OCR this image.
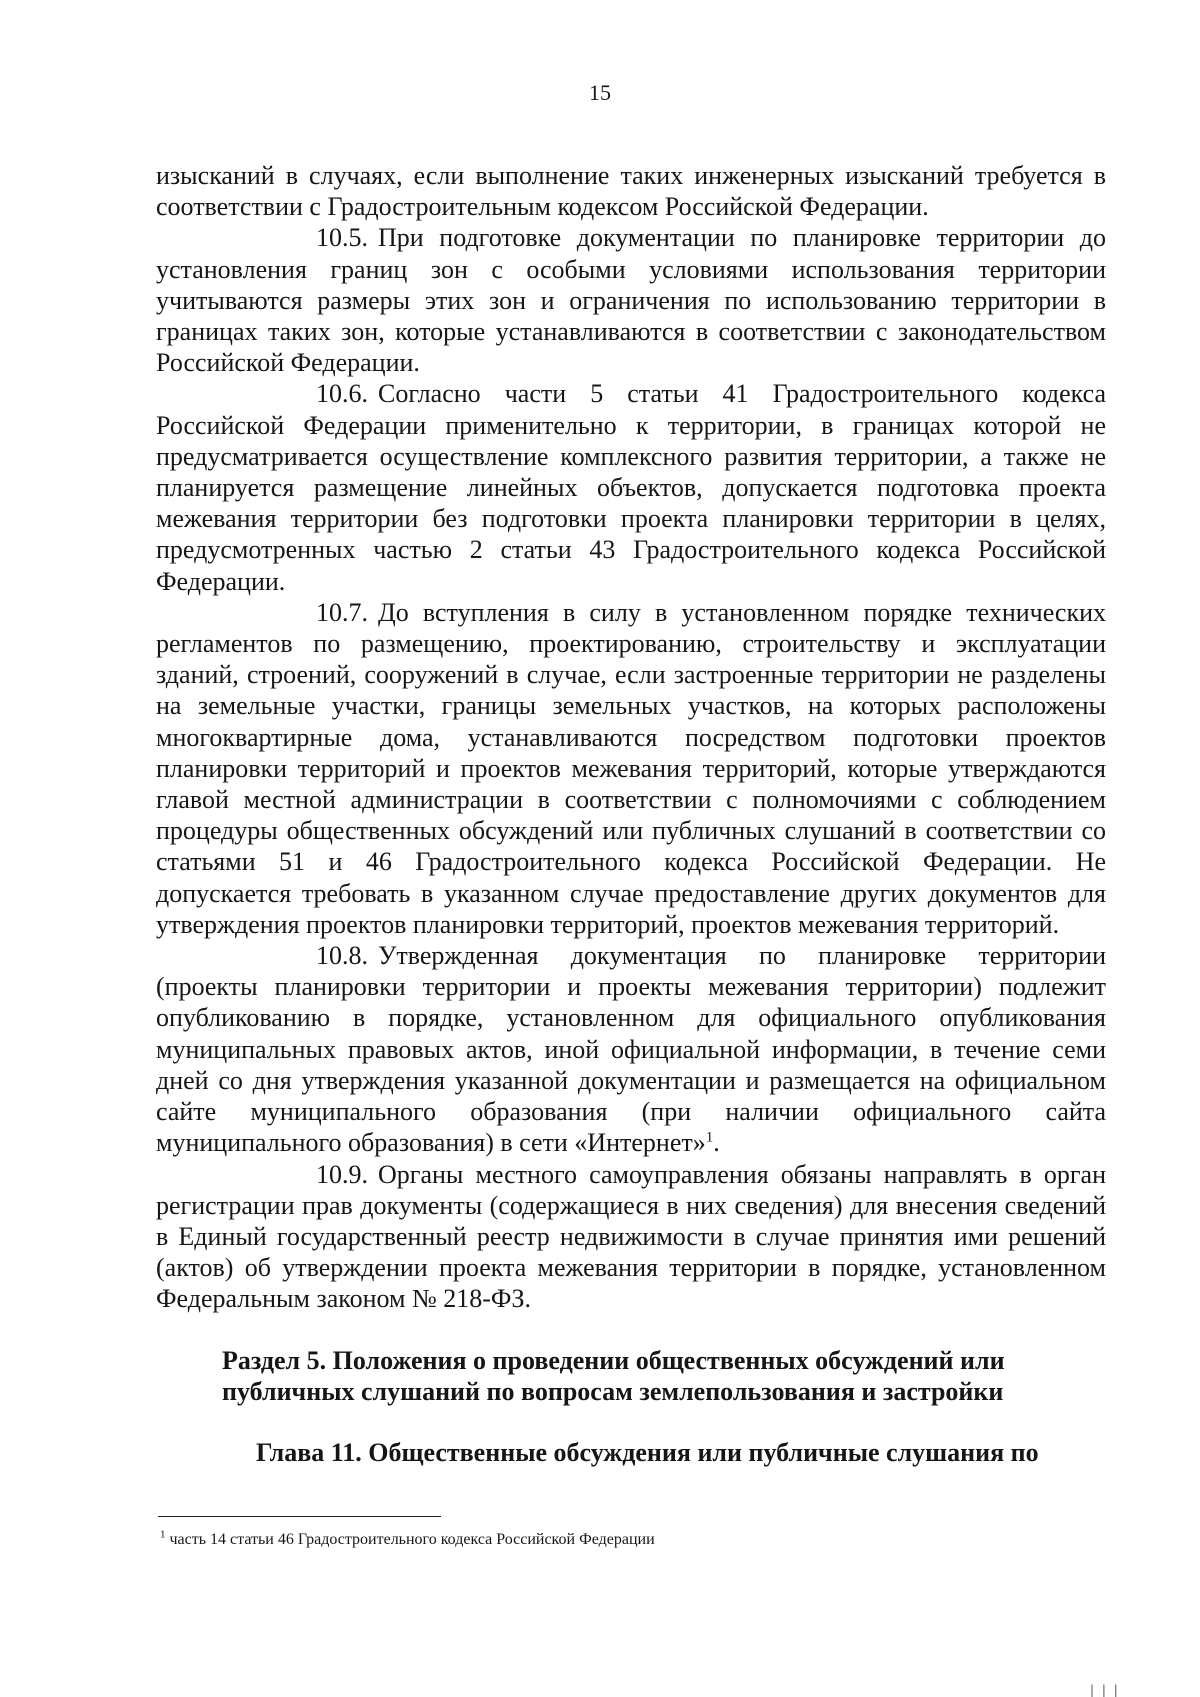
15

изысканий в случаях, если выполнение таких инженерных изысканий требуется в соответствии с Градостроительным кодексом Российской Федерации.

10.5. При подготовке документации по планировке территории до установления границ зон с особыми условиями использования территории учитываются размеры этих зон и ограничения по использованию территории в границах таких зон, которые устанавливаются в соответствии с законодательством Российской Федерации.

10.6. Согласно части 5 статьи 41 Градостроительного кодекса Российской Федерации применительно к территории, в границах которой не предусматривается осуществление комплексного развития территории, а также не планируется размещение линейных объектов, допускается подготовка проекта межевания территории без подготовки проекта планировки территории в целях, предусмотренных частью 2 статьи 43 Градостроительного кодекса Российской Федерации.

10.7. До вступления в силу в установленном порядке технических регламентов по размещению, проектированию, строительству и эксплуатации зданий, строений, сооружений в случае, если застроенные территории не разделены на земельные участки, границы земельных участков, на которых расположены многоквартирные дома, устанавливаются посредством подготовки проектов планировки территорий и проектов межевания территорий, которые утверждаются главой местной администрации в соответствии с полномочиями с соблюдением процедуры общественных обсуждений или публичных слушаний в соответствии со статьями 51 и 46 Градостроительного кодекса Российской Федерации. Не допускается требовать в указанном случае предоставление других документов для утверждения проектов планировки территорий, проектов межевания территорий.

10.8. Утвержденная документация по планировке территории (проекты планировки территории и проекты межевания территории) подлежит опубликованию в порядке, установленном для официального опубликования муниципальных правовых актов, иной официальной информации, в течение семи дней со дня утверждения указанной документации и размещается на официальном сайте муниципального образования (при наличии официального сайта муниципального образования) в сети «Интернет»$^1$.

10.9. Органы местного самоуправления обязаны направлять в орган регистрации прав документы (содержащиеся в них сведения) для внесения сведений в Единый государственный реестр недвижимости в случае принятия ими решений (актов) об утверждении проекта межевания территории в порядке, установленном Федеральным законом № 218-ФЗ.

Раздел 5. Положения о проведении общественных обсуждений или
публичных слушаний по вопросам землепользования и застройки

Глава 11. Общественные обсуждения или публичные слушания по

$^1$ часть 14 статьи 46 Градостроительного кодекса Российской Федерации
| | |
